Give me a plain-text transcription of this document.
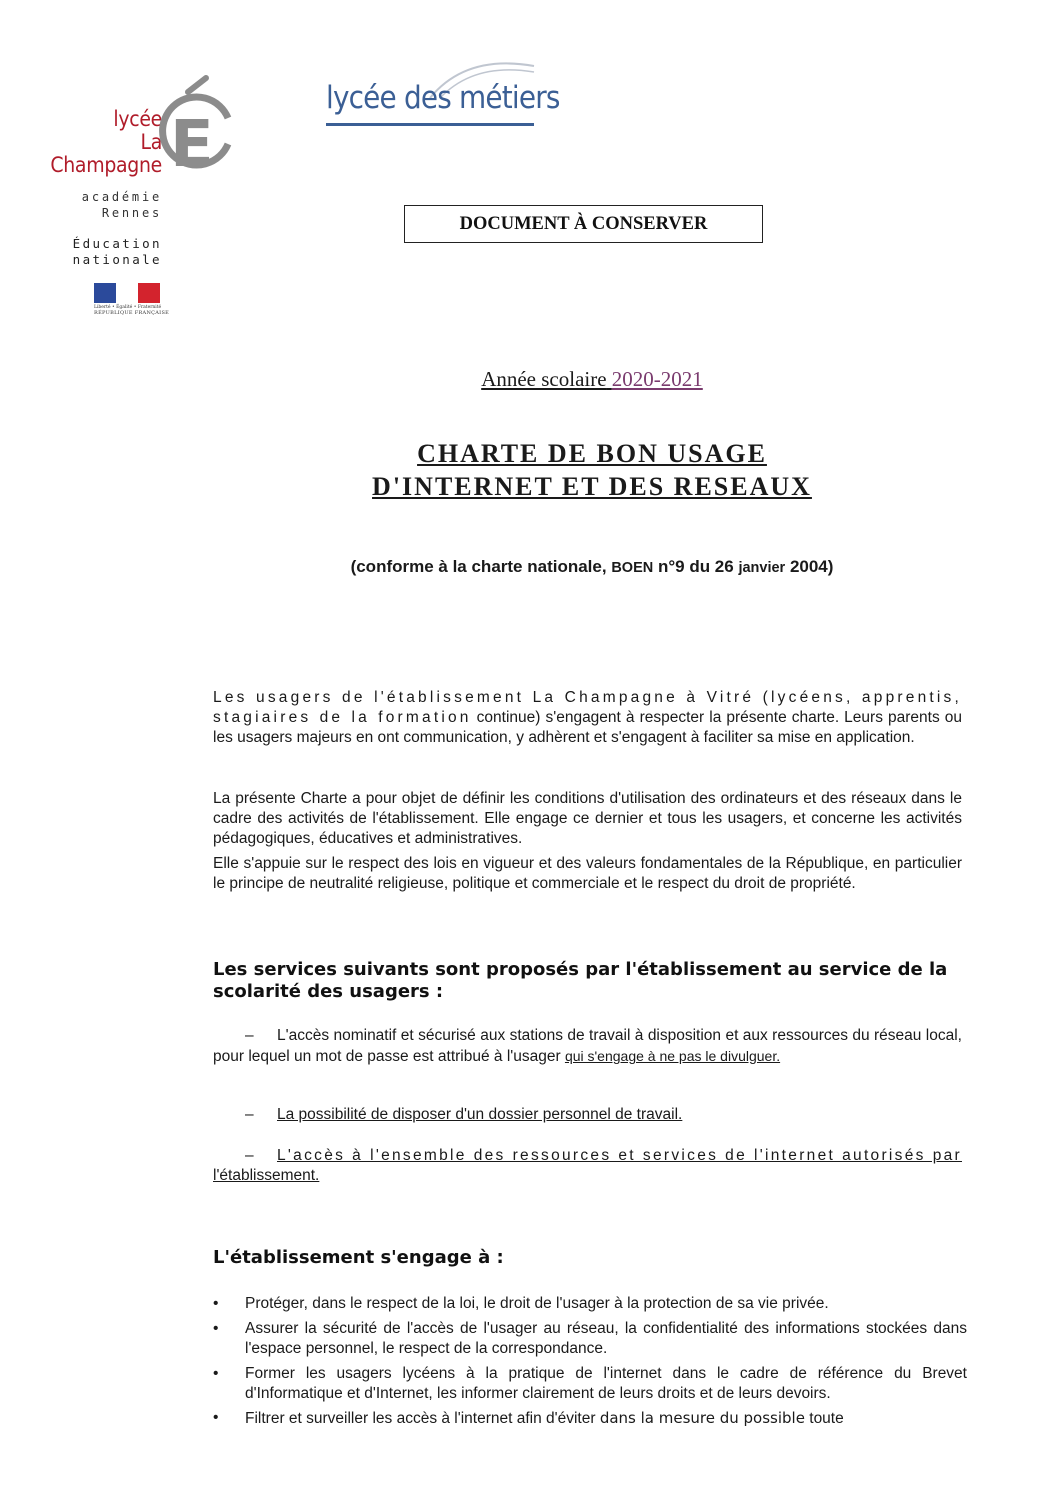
lycée
La Champagne E
académie
Rennes
Éducation
nationale
Liberté • Égalité • Fraternité
RÉPUBLIQUE FRANÇAISE
lycée des métiers
DOCUMENT À CONSERVER
Année scolaire 2020-2021
CHARTE DE BON USAGE
D'INTERNET ET DES RESEAUX
(conforme à la charte nationale, BOEN n°9 du 26 janvier 2004)
Les usagers de l'établissement La Champagne à Vitré (lycéens, apprentis, stagiaires de la formation continue) s'engagent à respecter la présente charte. Leurs parents ou les usagers majeurs en ont communication, y adhèrent et s'engagent à faciliter sa mise en application.
La présente Charte a pour objet de définir les conditions d'utilisation des ordinateurs et des réseaux dans le cadre des activités de l'établissement. Elle engage ce dernier et tous les usagers, et concerne les activités pédagogiques, éducatives et administratives.
Elle s'appuie sur le respect des lois en vigueur et des valeurs fondamentales de la République, en particulier le principe de neutralité religieuse, politique et commerciale et le respect du droit de propriété.
Les services suivants sont proposés par l'établissement au service de la scolarité des usagers :
– L'accès nominatif et sécurisé aux stations de travail à disposition et aux ressources du réseau local, pour lequel un mot de passe est attribué à l'usager qui s'engage à ne pas le divulguer.
– La possibilité de disposer d'un dossier personnel de travail.
– L'accès à l'ensemble des ressources et services de l'internet autorisés par l'établissement.
L'établissement s'engage à :
• Protéger, dans le respect de la loi, le droit de l'usager à la protection de sa vie privée.
• Assurer la sécurité de l'accès de l'usager au réseau, la confidentialité des informations stockées dans l'espace personnel, le respect de la correspondance.
• Former les usagers lycéens à la pratique de l'internet dans le cadre de référence du Brevet d'Informatique et d'Internet, les informer clairement de leurs droits et de leurs devoirs.
• Filtrer et surveiller les accès à l'internet afin d'éviter dans la mesure du possible toute
